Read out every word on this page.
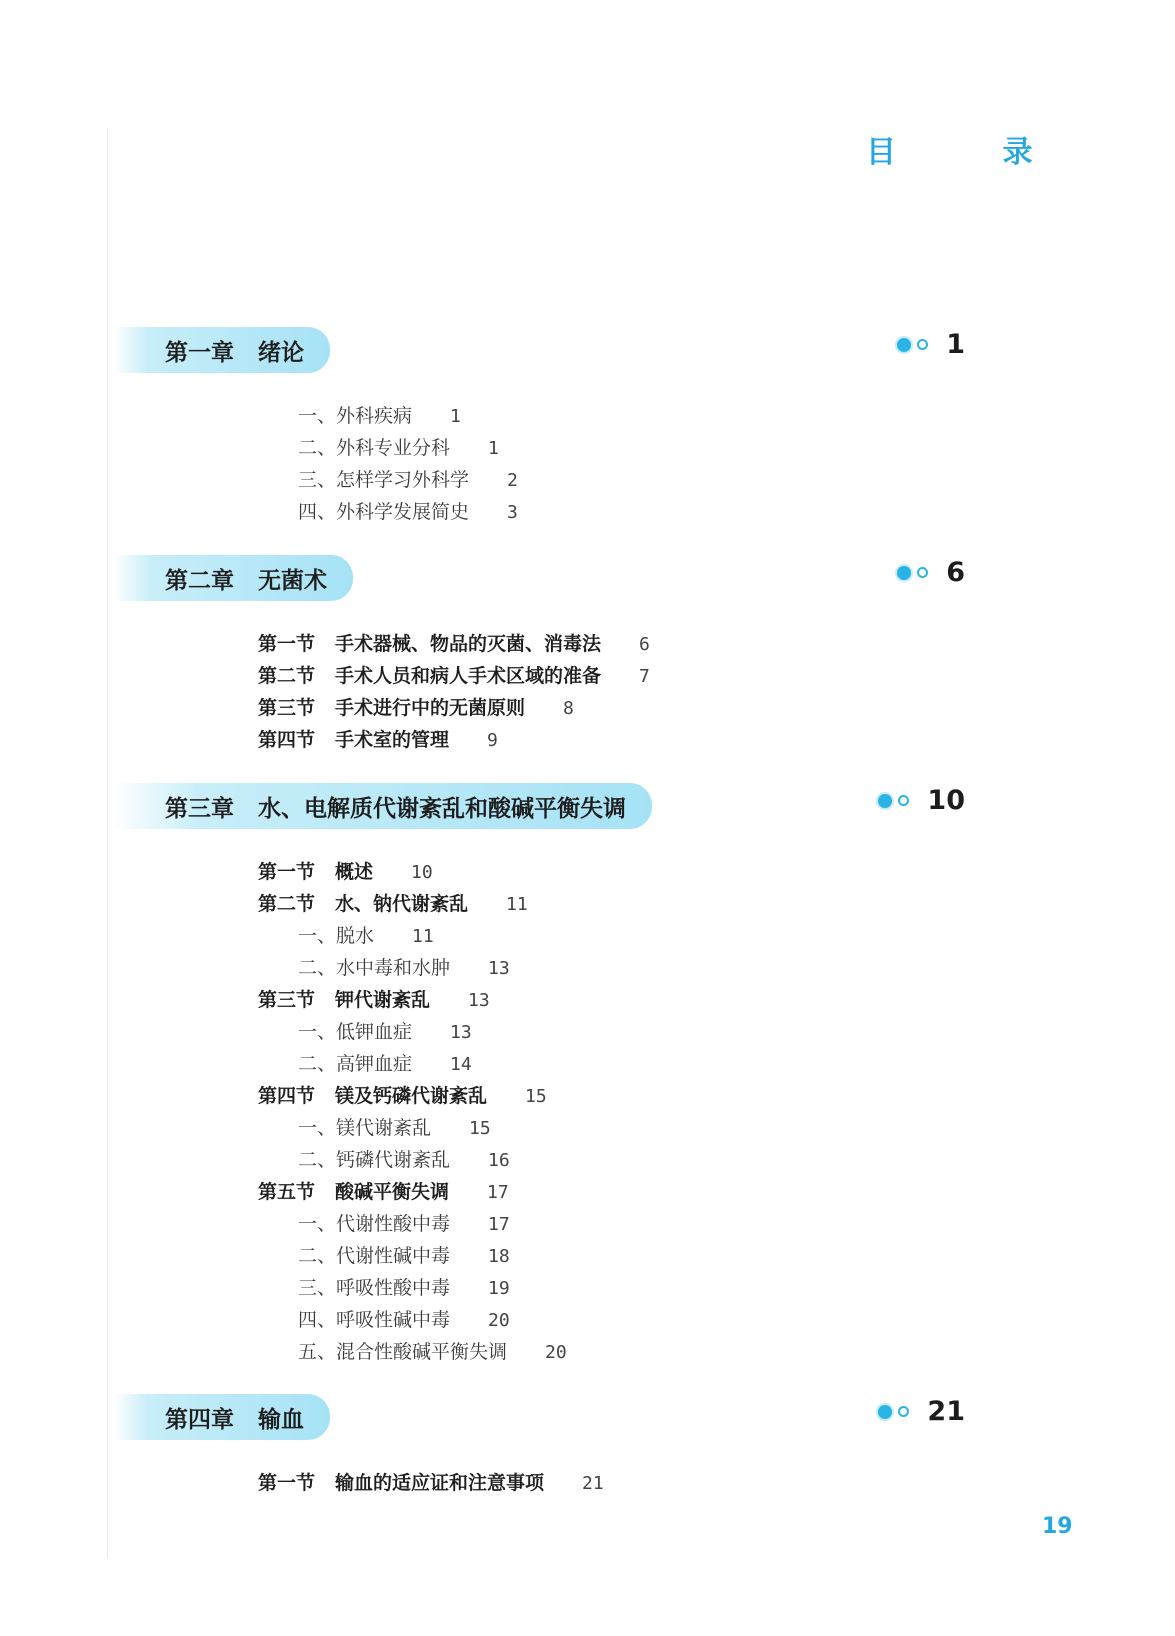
目 录
第一章 绪论	1
一、外科疾病 1
二、外科专业分科 1
三、怎样学习外科学 2
四、外科学发展简史 3
第二章 无菌术	6
第一节 手术器械、物品的灭菌、消毒法 6
第二节 手术人员和病人手术区域的准备 7
第三节 手术进行中的无菌原则 8
第四节 手术室的管理 9
第三章 水、电解质代谢紊乱和酸碱平衡失调	10
第一节 概述 10
第二节 水、钠代谢紊乱 11
一、脱水 11
二、水中毒和水肿 13
第三节 钾代谢紊乱 13
一、低钾血症 13
二、高钾血症 14
第四节 镁及钙磷代谢紊乱 15
一、镁代谢紊乱 15
二、钙磷代谢紊乱 16
第五节 酸碱平衡失调 17
一、代谢性酸中毒 17
二、代谢性碱中毒 18
三、呼吸性酸中毒 19
四、呼吸性碱中毒 20
五、混合性酸碱平衡失调 20
第四章 输血	21
第一节 输血的适应证和注意事项 21
19
